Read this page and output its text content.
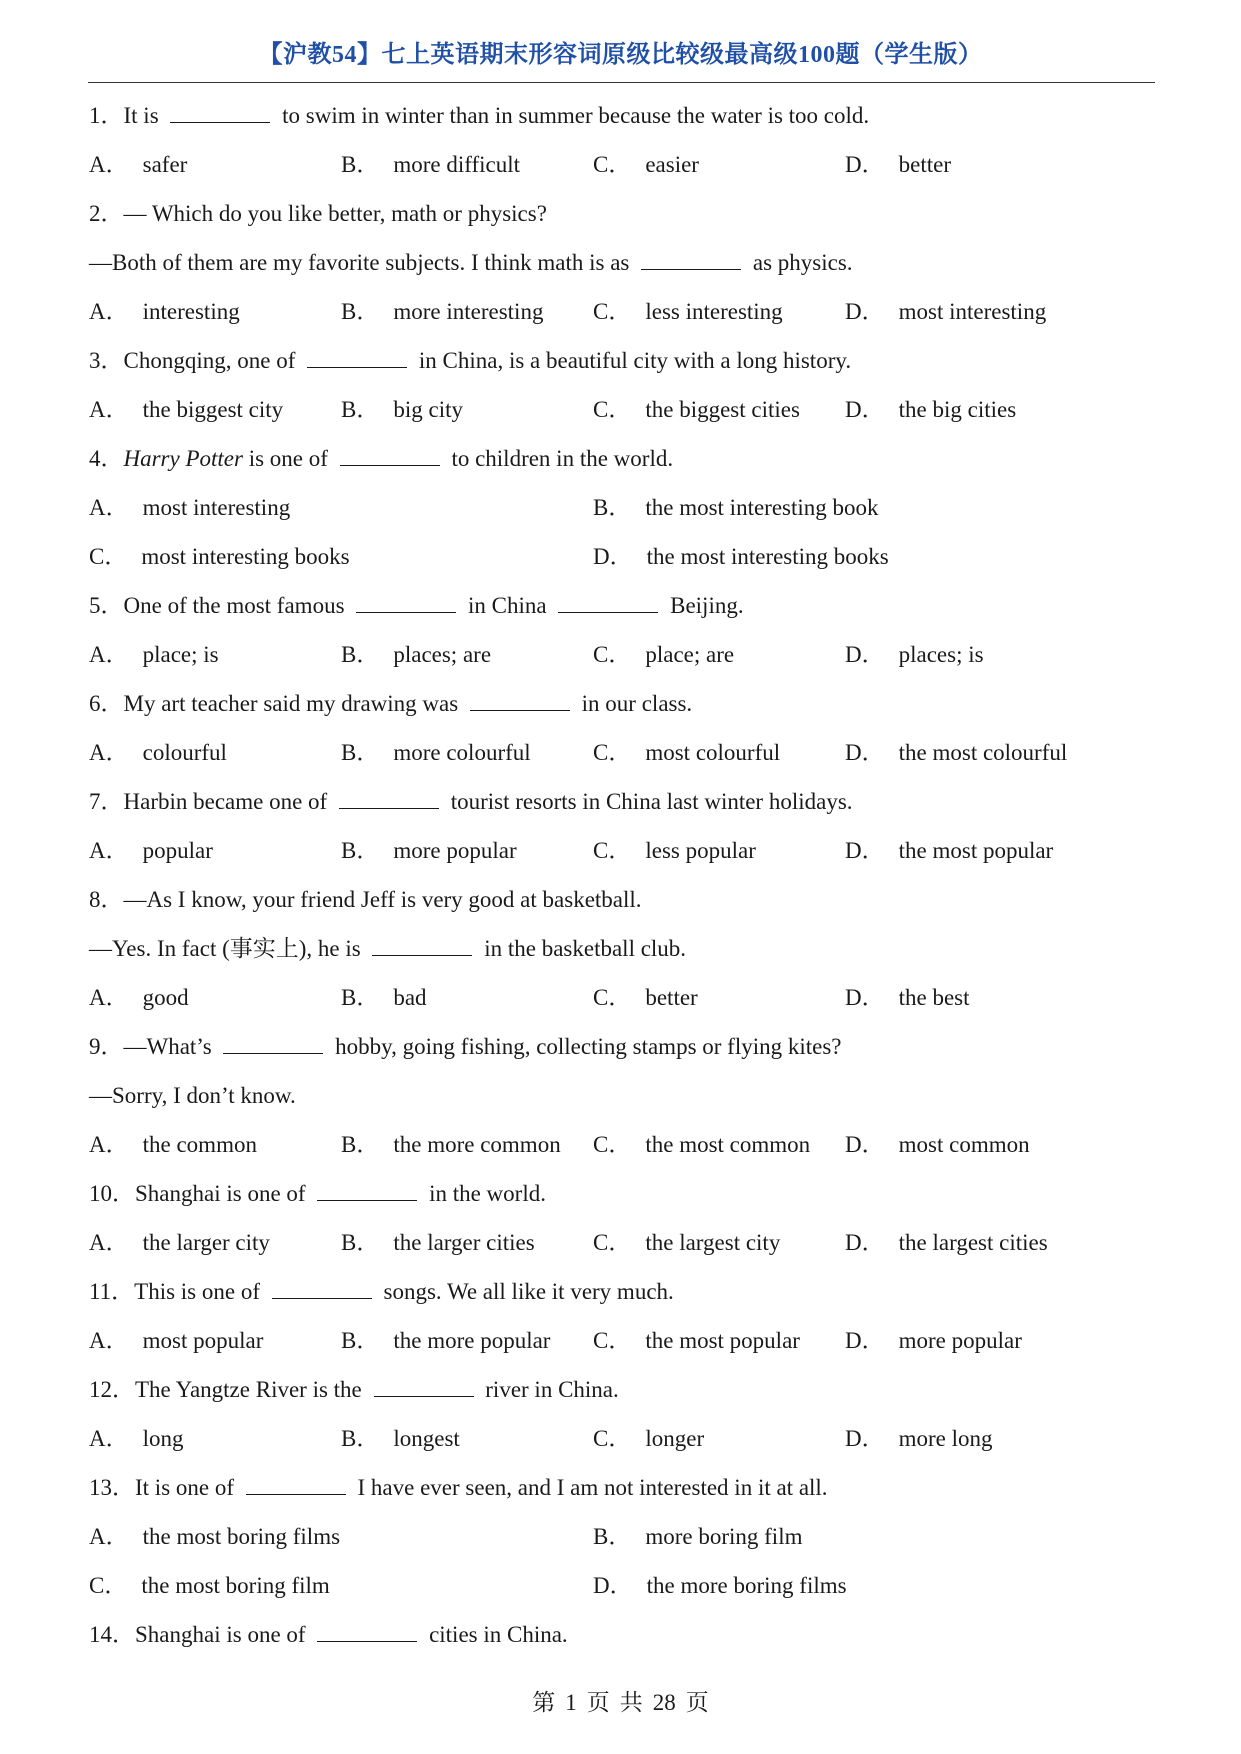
【沪教54】七上英语期末形容词原级比较级最高级100题（学生版）
1．It is	to swim in winter than in summer because the water is too cold.
A． safer	B． more difficult	C． easier	D． better
2．— Which do you like better, math or physics?
—Both of them are my favorite subjects. I think math is as	as physics.
A． interesting	B． more interesting C． less interesting	D． most interesting
3．Chongqing, one of	in China, is a beautiful city with a long history.
A． the biggest city	B． big city	C． the biggest cities D． the big cities
4．Harry Potter is one of	to children in the world.
A． most interesting	B． the most interesting book
C． most interesting books	D． the most interesting books
5．One of the most famous	in China	Beijing.
A． place; is	B． places; are	C． place; are	D． places; is
6．My art teacher said my drawing was	in our class.
A． colourful	B． more colourful	C． most colourful	D． the most colourful
7．Harbin became one of	tourist resorts in China last winter holidays.
A． popular	B． more popular	C． less popular	D． the most popular
8．—As I know, your friend Jeff is very good at basketball.
—Yes. In fact (事实上), he is	in the basketball club.
A． good	B． bad	C． better	D． the best
9．—What’s	hobby, going fishing, collecting stamps or flying kites?
—Sorry, I don’t know.
A． the common	B． the more common C． the most common D． most common
10．Shanghai is one of	in the world.
A． the larger city	B． the larger cities	C． the largest city	D． the largest cities
11．This is one of	songs. We all like it very much.
A． most popular	B． the more popular C． the most popular D． more popular
12．The Yangtze River is the	river in China.
A． long	B． longest	C． longer	D． more long
13．It is one of	I have ever seen, and I am not interested in it at all.
A． the most boring films	B． more boring film
C． the most boring film	D． the more boring films
14．Shanghai is one of	cities in China.
第 1 页 共 28 页
